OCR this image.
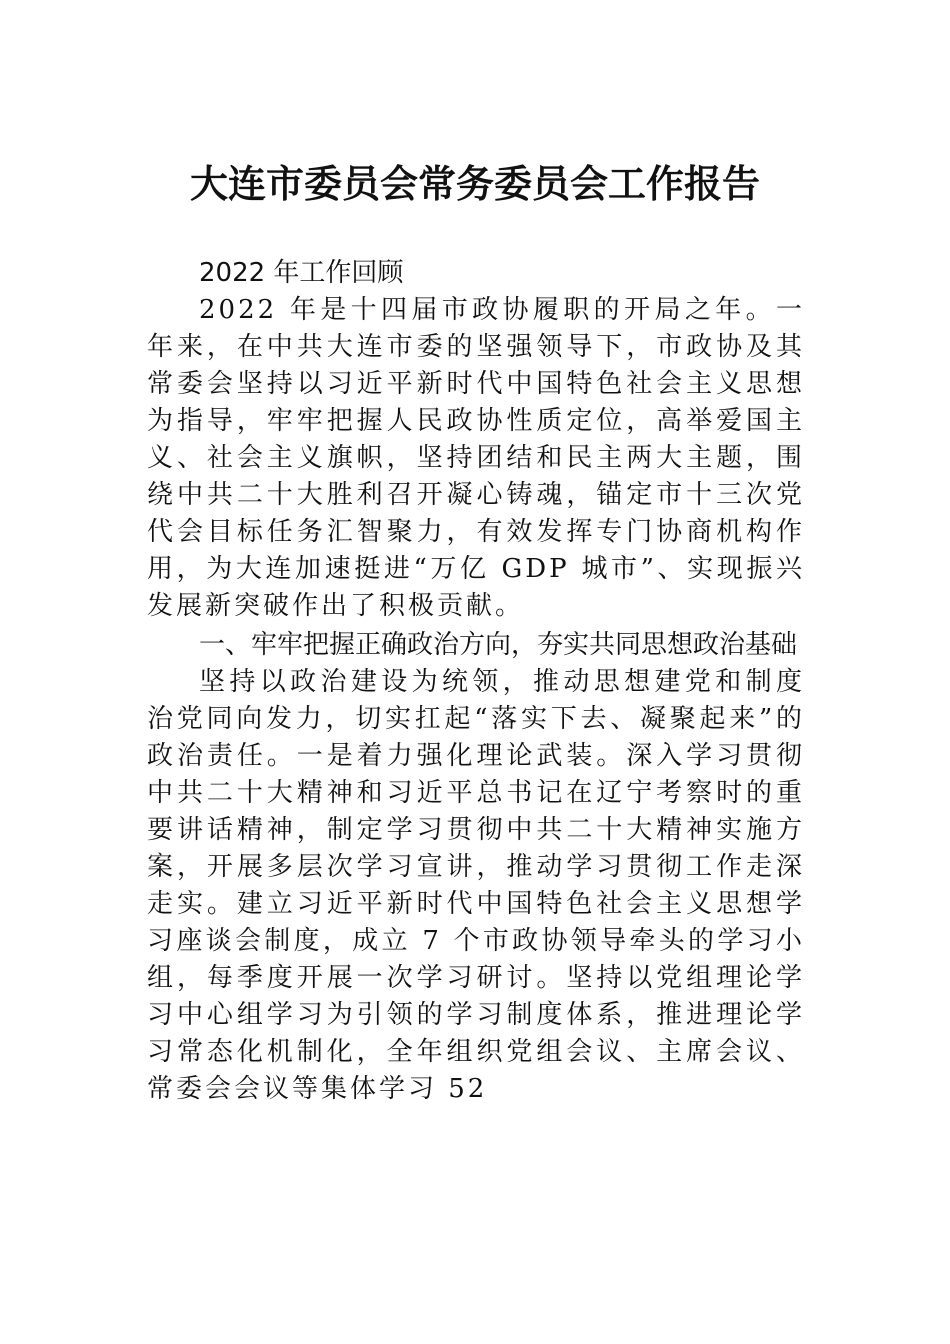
大连市委员会常务委员会工作报告

2022 年工作回顾

2022 年是十四届市政协履职的开局之年。一年来，在中共大连市委的坚强领导下，市政协及其常委会坚持以习近平新时代中国特色社会主义思想为指导，牢牢把握人民政协性质定位，高举爱国主义、社会主义旗帜，坚持团结和民主两大主题，围绕中共二十大胜利召开凝心铸魂，锚定市十三次党代会目标任务汇智聚力，有效发挥专门协商机构作用，为大连加速挺进“万亿 GDP 城市”、实现振兴发展新突破作出了积极贡献。

一、牢牢把握正确政治方向，夯实共同思想政治基础

坚持以政治建设为统领，推动思想建党和制度治党同向发力，切实扛起“落实下去、凝聚起来”的政治责任。一是着力强化理论武装。深入学习贯彻中共二十大精神和习近平总书记在辽宁考察时的重要讲话精神，制定学习贯彻中共二十大精神实施方案，开展多层次学习宣讲，推动学习贯彻工作走深走实。建立习近平新时代中国特色社会主义思想学习座谈会制度，成立 7 个市政协领导牵头的学习小组，每季度开展一次学习研讨。坚持以党组理论学习中心组学习为引领的学习制度体系，推进理论学习常态化机制化，全年组织党组会议、主席会议、常委会会议等集体学习 52
